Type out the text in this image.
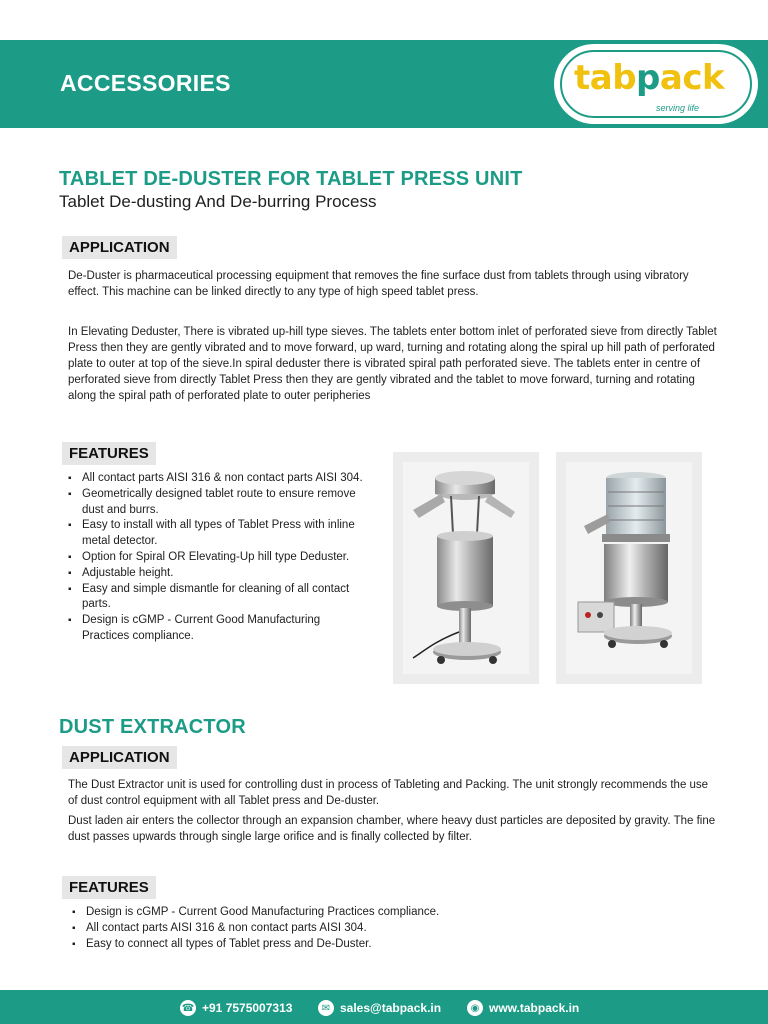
ACCESSORIES	tabpack
serving life
TABLET DE-DUSTER FOR TABLET PRESS UNIT
Tablet De-dusting And De-burring Process
APPLICATION
De-Duster is pharmaceutical processing equipment that removes the fine surface dust from tablets through using vibratory effect. This machine can be linked directly to any type of high speed tablet press.
In Elevating Deduster, There is vibrated up-hill type sieves. The tablets enter bottom inlet of perforated sieve from directly Tablet Press then they are gently vibrated and to move forward, up ward, turning and rotating along the spiral up hill path of perforated plate to outer at top of the sieve.In spiral deduster there is vibrated spiral path perforated sieve. The tablets enter in centre of perforated sieve from directly Tablet Press then they are gently vibrated and the tablet to move forward, turning and rotating along the spiral path of perforated plate to outer peripheries
FEATURES
▪ All contact parts AISI 316 & non contact parts AISI 304.
▪ Geometrically designed tablet route to ensure remove dust and burrs.
▪ Easy to install with all types of Tablet Press with inline metal detector.
▪ Option for Spiral OR Elevating-Up hill type Deduster.
▪ Adjustable height.
▪ Easy and simple dismantle for cleaning of all contact parts.
▪ Design is cGMP - Current Good Manufacturing Practices compliance.
DUST EXTRACTOR
APPLICATION
The Dust Extractor unit is used for controlling dust in process of Tableting and Packing. The unit strongly recommends the use of dust control equipment with all Tablet press and De-duster.
Dust laden air enters the collector through an expansion chamber, where heavy dust particles are deposited by gravity. The fine dust passes upwards through single large orifice and is finally collected by filter.
FEATURES
▪ Design is cGMP - Current Good Manufacturing Practices compliance.
▪ All contact parts AISI 316 & non contact parts AISI 304.
▪ Easy to connect all types of Tablet press and De-Duster.
☎ +91 7575007313	✉ sales@tabpack.in	◉ www.tabpack.in
